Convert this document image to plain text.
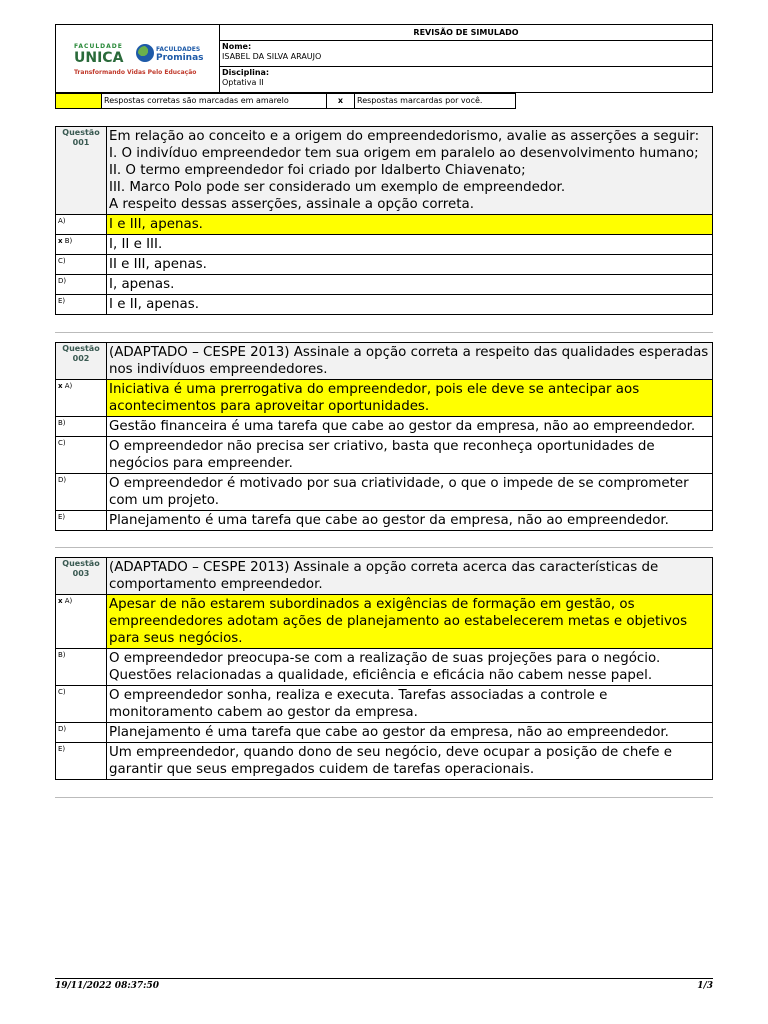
FACULDADE
UNICA
FACULDADES
Prominas
Transformando Vidas Pelo Educação
REVISÃO DE SIMULADO
Nome:
ISABEL DA SILVA ARAUJO
Disciplina:
Optativa II
Respostas corretas são marcadas em amarelo	x	Respostas marcardas por você.
Questão
001	Em relação ao conceito e a origem do empreendedorismo, avalie as asserções a seguir:
I. O indivíduo empreendedor tem sua origem em paralelo ao desenvolvimento humano;
II. O termo empreendedor foi criado por Idalberto Chiavenato;
III. Marco Polo pode ser considerado um exemplo de empreendedor.
A respeito dessas asserções, assinale a opção correta.
A)	I e III, apenas.
x B)	I, II e III.
C)	II e III, apenas.
D)	I, apenas.
E)	I e II, apenas.
Questão
002	(ADAPTADO – CESPE 2013) Assinale a opção correta a respeito das qualidades esperadas nos indivíduos empreendedores.
x A)	Iniciativa é uma prerrogativa do empreendedor, pois ele deve se antecipar aos acontecimentos para aproveitar oportunidades.
B)	Gestão financeira é uma tarefa que cabe ao gestor da empresa, não ao empreendedor.
C)	O empreendedor não precisa ser criativo, basta que reconheça oportunidades de negócios para empreender.
D)	O empreendedor é motivado por sua criatividade, o que o impede de se comprometer com um projeto.
E)	Planejamento é uma tarefa que cabe ao gestor da empresa, não ao empreendedor.
Questão
003	(ADAPTADO – CESPE 2013) Assinale a opção correta acerca das características de comportamento empreendedor.
x A)	Apesar de não estarem subordinados a exigências de formação em gestão, os empreendedores adotam ações de planejamento ao estabelecerem metas e objetivos para seus negócios.
B)	O empreendedor preocupa-se com a realização de suas projeções para o negócio. Questões relacionadas a qualidade, eficiência e eficácia não cabem nesse papel.
C)	O empreendedor sonha, realiza e executa. Tarefas associadas a controle e monitoramento cabem ao gestor da empresa.
D)	Planejamento é uma tarefa que cabe ao gestor da empresa, não ao empreendedor.
E)	Um empreendedor, quando dono de seu negócio, deve ocupar a posição de chefe e garantir que seus empregados cuidem de tarefas operacionais.
19/11/2022 08:37:50	1/3
